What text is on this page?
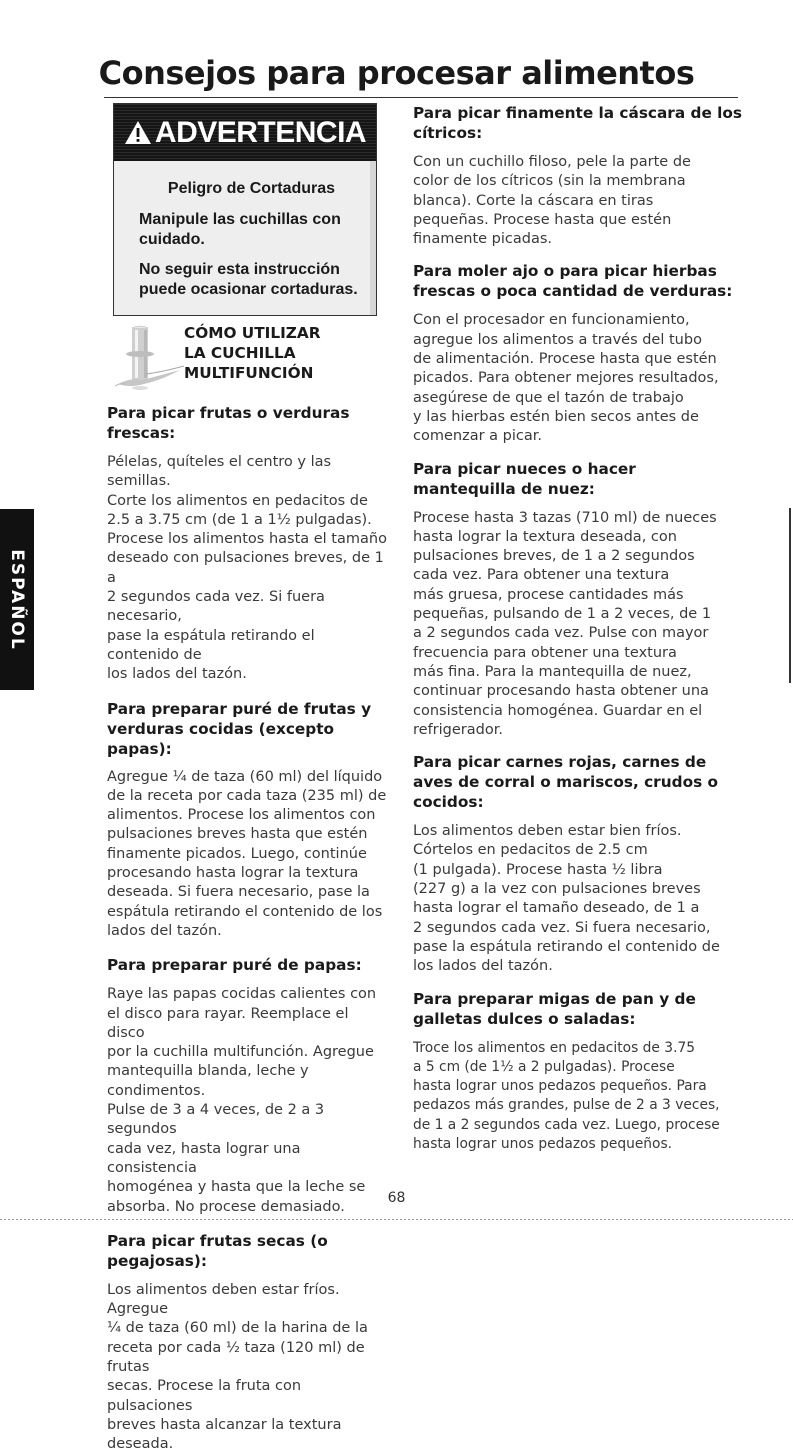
Consejos para procesar alimentos
ADVERTENCIA

Peligro de Cortaduras

Manipule las cuchillas con cuidado.

No seguir esta instrucción puede ocasionar cortaduras.

CÓMO UTILIZAR
LA CUCHILLA
MULTIFUNCIÓN

Para picar frutas o verduras frescas:

Pélelas, quíteles el centro y las semillas.
Corte los alimentos en pedacitos de
2.5 a 3.75 cm (de 1 a 1½ pulgadas).
Procese los alimentos hasta el tamaño
deseado con pulsaciones breves, de 1 a
2 segundos cada vez. Si fuera necesario,
pase la espátula retirando el contenido de
los lados del tazón.

Para preparar puré de frutas y verduras cocidas (excepto papas):

Agregue ¼ de taza (60 ml) del líquido
de la receta por cada taza (235 ml) de
alimentos. Procese los alimentos con
pulsaciones breves hasta que estén
finamente picados. Luego, continúe
procesando hasta lograr la textura
deseada. Si fuera necesario, pase la
espátula retirando el contenido de los
lados del tazón.

Para preparar puré de papas:

Raye las papas cocidas calientes con
el disco para rayar. Reemplace el disco
por la cuchilla multifunción. Agregue
mantequilla blanda, leche y condimentos.
Pulse de 3 a 4 veces, de 2 a 3 segundos
cada vez, hasta lograr una consistencia
homogénea y hasta que la leche se
absorba. No procese demasiado.

Para picar frutas secas (o pegajosas):

Los alimentos deben estar fríos. Agregue
¼ de taza (60 ml) de la harina de la
receta por cada ½ taza (120 ml) de frutas
secas. Procese la fruta con pulsaciones
breves hasta alcanzar la textura deseada.

Para picar finamente la cáscara de los cítricos:

Con un cuchillo filoso, pele la parte de
color de los cítricos (sin la membrana
blanca). Corte la cáscara en tiras
pequeñas. Procese hasta que estén
finamente picadas.

Para moler ajo o para picar hierbas frescas o poca cantidad de verduras:

Con el procesador en funcionamiento,
agregue los alimentos a través del tubo
de alimentación. Procese hasta que estén
picados. Para obtener mejores resultados,
asegúrese de que el tazón de trabajo
y las hierbas estén bien secos antes de
comenzar a picar.

Para picar nueces o hacer mantequilla de nuez:

Procese hasta 3 tazas (710 ml) de nueces
hasta lograr la textura deseada, con
pulsaciones breves, de 1 a 2 segundos
cada vez. Para obtener una textura
más gruesa, procese cantidades más
pequeñas, pulsando de 1 a 2 veces, de 1
a 2 segundos cada vez. Pulse con mayor
frecuencia para obtener una textura
más fina. Para la mantequilla de nuez,
continuar procesando hasta obtener una
consistencia homogénea. Guardar en el
refrigerador.

Para picar carnes rojas, carnes de aves de corral o mariscos, crudos o cocidos:

Los alimentos deben estar bien fríos.
Córtelos en pedacitos de 2.5 cm
(1 pulgada). Procese hasta ½ libra
(227 g) a la vez con pulsaciones breves
hasta lograr el tamaño deseado, de 1 a
2 segundos cada vez. Si fuera necesario,
pase la espátula retirando el contenido de
los lados del tazón.

Para preparar migas de pan y de galletas dulces o saladas:

Troce los alimentos en pedacitos de 3.75
a 5 cm (de 1½ a 2 pulgadas). Procese
hasta lograr unos pedazos pequeños. Para
pedazos más grandes, pulse de 2 a 3 veces,
de 1 a 2 segundos cada vez. Luego, procese
hasta lograr unos pedazos pequeños.

ESPAÑOL
68
